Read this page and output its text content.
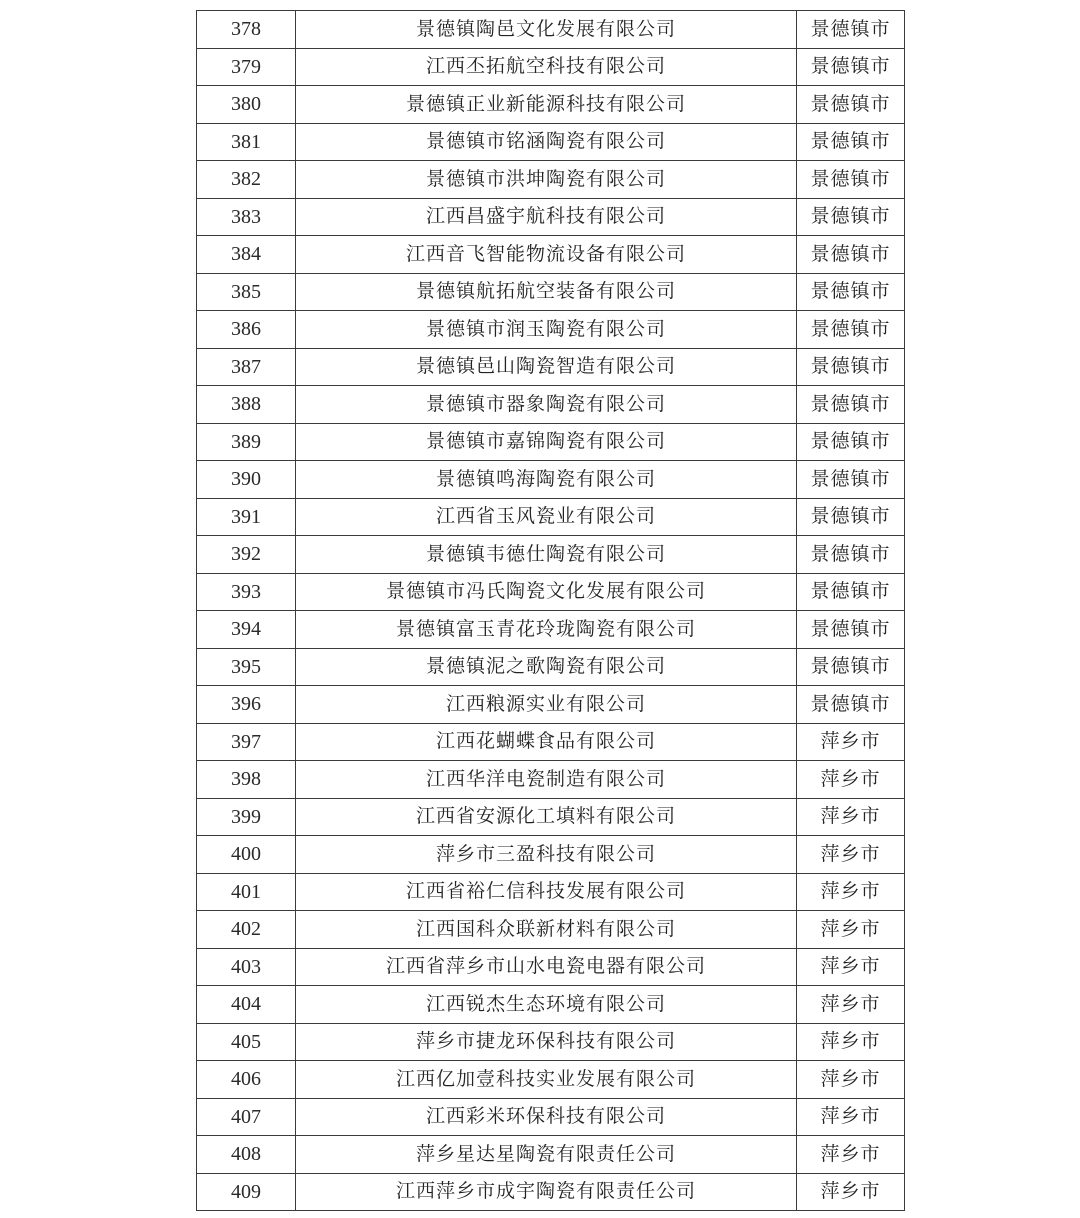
378	景德镇陶邑文化发展有限公司	景德镇市
379	江西丕拓航空科技有限公司	景德镇市
380	景德镇正业新能源科技有限公司	景德镇市
381	景德镇市铭涵陶瓷有限公司	景德镇市
382	景德镇市洪坤陶瓷有限公司	景德镇市
383	江西昌盛宇航科技有限公司	景德镇市
384	江西音飞智能物流设备有限公司	景德镇市
385	景德镇航拓航空装备有限公司	景德镇市
386	景德镇市润玉陶瓷有限公司	景德镇市
387	景德镇邑山陶瓷智造有限公司	景德镇市
388	景德镇市器象陶瓷有限公司	景德镇市
389	景德镇市嘉锦陶瓷有限公司	景德镇市
390	景德镇鸣海陶瓷有限公司	景德镇市
391	江西省玉风瓷业有限公司	景德镇市
392	景德镇韦德仕陶瓷有限公司	景德镇市
393	景德镇市冯氏陶瓷文化发展有限公司	景德镇市
394	景德镇富玉青花玲珑陶瓷有限公司	景德镇市
395	景德镇泥之歌陶瓷有限公司	景德镇市
396	江西粮源实业有限公司	景德镇市
397	江西花蝴蝶食品有限公司	萍乡市
398	江西华洋电瓷制造有限公司	萍乡市
399	江西省安源化工填料有限公司	萍乡市
400	萍乡市三盈科技有限公司	萍乡市
401	江西省裕仁信科技发展有限公司	萍乡市
402	江西国科众联新材料有限公司	萍乡市
403	江西省萍乡市山水电瓷电器有限公司	萍乡市
404	江西锐杰生态环境有限公司	萍乡市
405	萍乡市捷龙环保科技有限公司	萍乡市
406	江西亿加壹科技实业发展有限公司	萍乡市
407	江西彩米环保科技有限公司	萍乡市
408	萍乡星达星陶瓷有限责任公司	萍乡市
409	江西萍乡市成宇陶瓷有限责任公司	萍乡市
